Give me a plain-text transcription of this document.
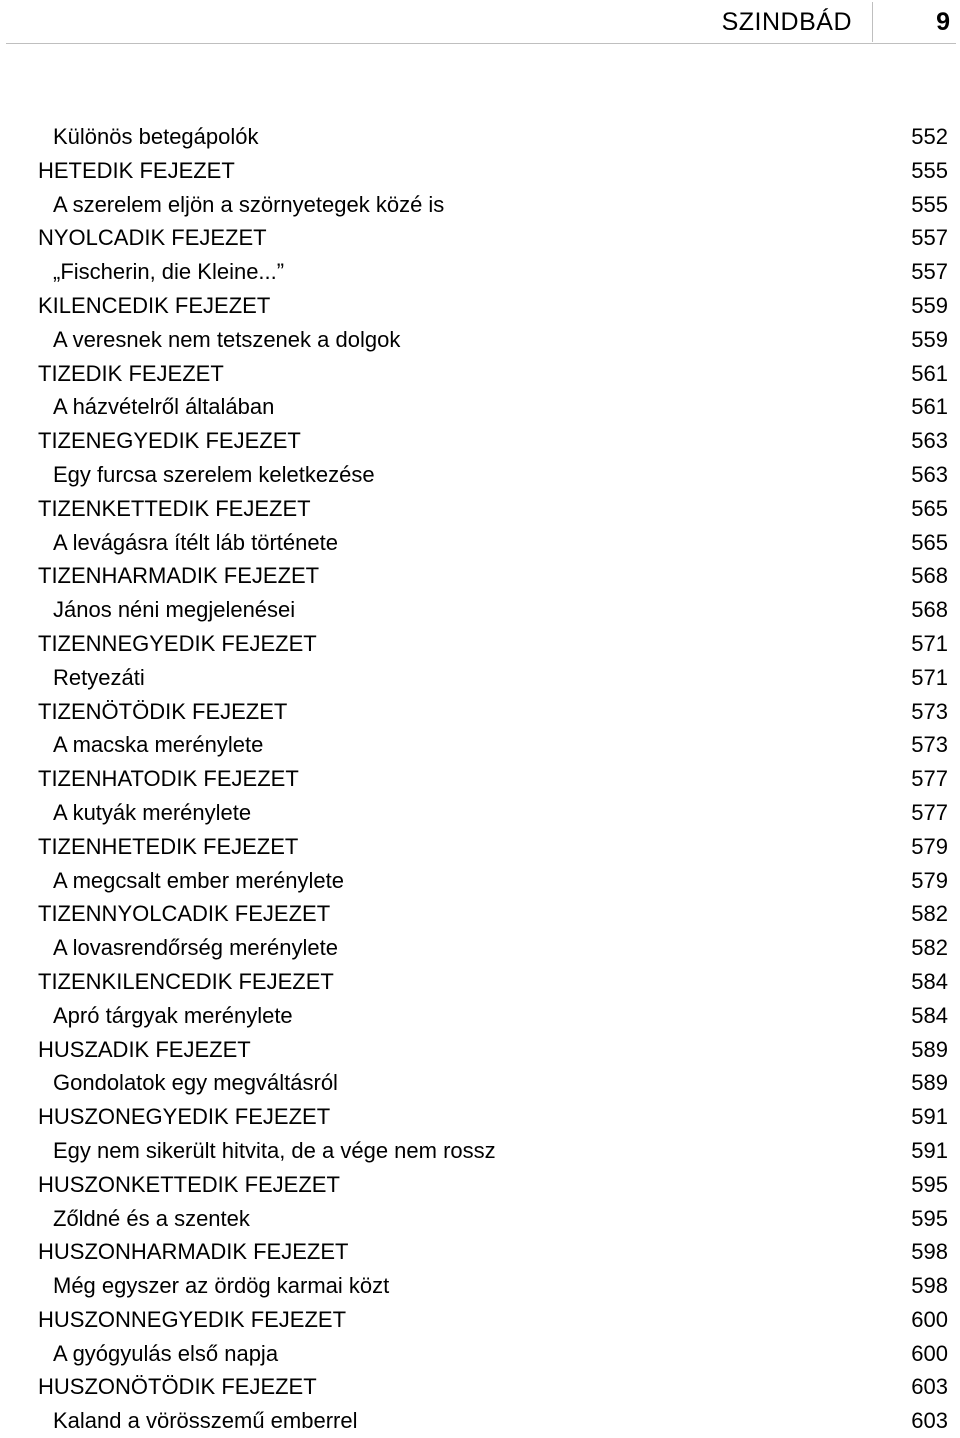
SZINDBÁD	9
Különös betegápolók	552
HETEDIK FEJEZET	555
A szerelem eljön a szörnyetegek közé is	555
NYOLCADIK FEJEZET	557
„Fischerin, die Kleine...”	557
KILENCEDIK FEJEZET	559
A veresnek nem tetszenek a dolgok	559
TIZEDIK FEJEZET	561
A házvételről általában	561
TIZENEGYEDIK FEJEZET	563
Egy furcsa szerelem keletkezése	563
TIZENKETTEDIK FEJEZET	565
A levágásra ítélt láb története	565
TIZENHARMADIK FEJEZET	568
János néni megjelenései	568
TIZENNEGYEDIK FEJEZET	571
Retyezáti	571
TIZENÖTÖDIK FEJEZET	573
A macska merénylete	573
TIZENHATODIK FEJEZET	577
A kutyák merénylete	577
TIZENHETEDIK FEJEZET	579
A megcsalt ember merénylete	579
TIZENNYOLCADIK FEJEZET	582
A lovasrendőrség merénylete	582
TIZENKILENCEDIK FEJEZET	584
Apró tárgyak merénylete	584
HUSZADIK FEJEZET	589
Gondolatok egy megváltásról	589
HUSZONEGYEDIK FEJEZET	591
Egy nem sikerült hitvita, de a vége nem rossz	591
HUSZONKETTEDIK FEJEZET	595
Zőldné és a szentek	595
HUSZONHARMADIK FEJEZET	598
Még egyszer az ördög karmai közt	598
HUSZONNEGYEDIK FEJEZET	600
A gyógyulás első napja	600
HUSZONÖTÖDIK FEJEZET	603
Kaland a vörösszemű emberrel	603
